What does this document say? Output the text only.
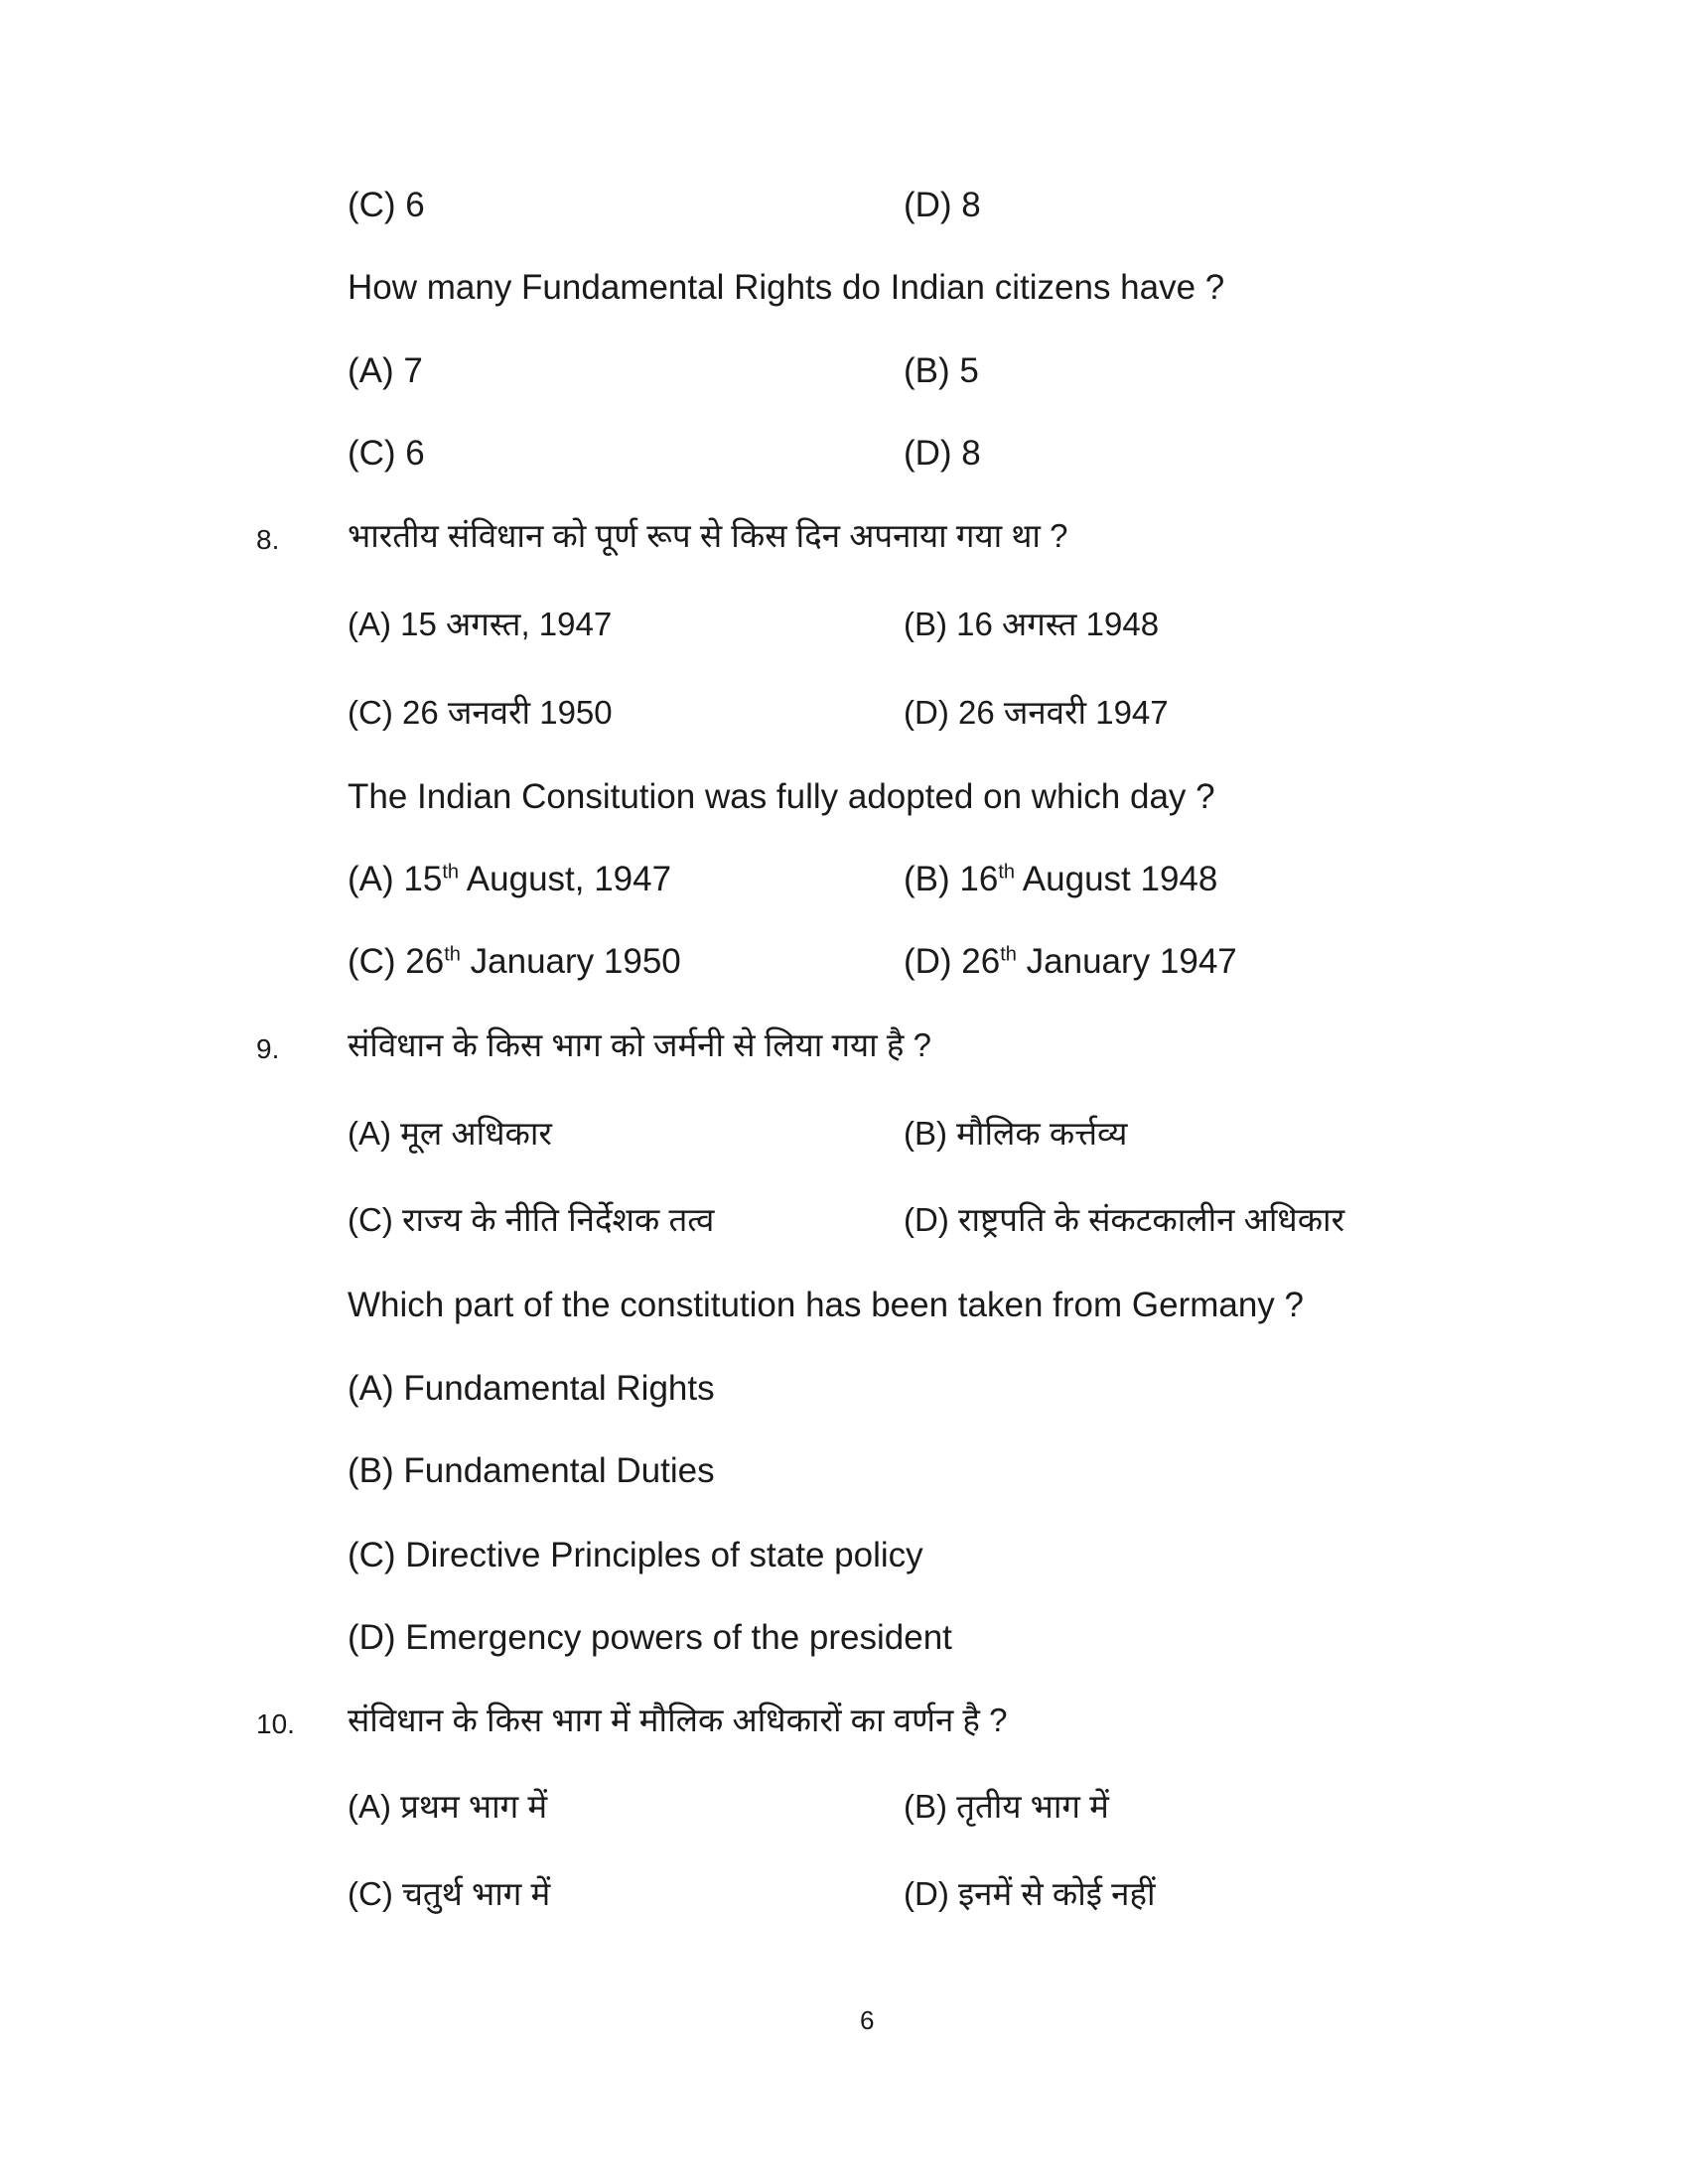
(C) 6	(D) 8
How many Fundamental Rights do Indian citizens have ?
(A) 7	(B) 5
(C) 6	(D) 8
8. भारतीय संविधान को पूर्ण रूप से किस दिन अपनाया गया था ?
(A) 15 अगस्त, 1947	(B) 16 अगस्त 1948
(C) 26 जनवरी 1950	(D) 26 जनवरी 1947
The Indian Consitution was fully adopted on which day ?
(A) 15th August, 1947	(B) 16th August 1948
(C) 26th January 1950	(D) 26th January 1947
9. संविधान के किस भाग को जर्मनी से लिया गया है ?
(A) मूल अधिकार	(B) मौलिक कर्त्तव्य
(C) राज्य के नीति निर्देशक तत्व	(D) राष्ट्रपति के संकटकालीन अधिकार
Which part of the constitution has been taken from Germany ?
(A) Fundamental Rights
(B) Fundamental Duties
(C) Directive Principles of state policy
(D) Emergency powers of the president
10. संविधान के किस भाग में मौलिक अधिकारों का वर्णन है ?
(A) प्रथम भाग में	(B) तृतीय भाग में
(C) चतुर्थ भाग में	(D) इनमें से कोई नहीं
6
